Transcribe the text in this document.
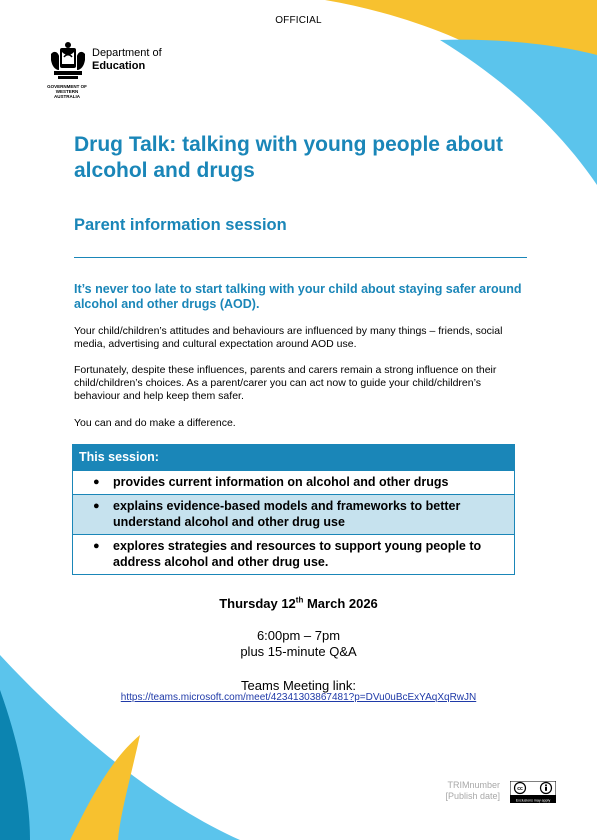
OFFICIAL
Department of
Education
GOVERNMENT OF
WESTERN AUSTRALIA
Drug Talk: talking with young people about alcohol and drugs
Parent information session

It’s never too late to start talking with your child about staying safer around alcohol and other drugs (AOD).

Your child/children’s attitudes and behaviours are influenced by many things – friends, social media, advertising and cultural expectation around AOD use.

Fortunately, despite these influences, parents and carers remain a strong influence on their child/children’s choices. As a parent/carer you can act now to guide your child/children’s behaviour and help keep them safer.

You can and do make a difference.

This session:
●	provides current information on alcohol and other drugs
●	explains evidence-based models and frameworks to better understand alcohol and other drug use
●	explores strategies and resources to support young people to address alcohol and other drug use.
Thursday 12th March 2026
6:00pm – 7pm
plus 15-minute Q&A
Teams Meeting link:
https://teams.microsoft.com/meet/42341303867481?p=DVu0uBcExYAqXqRwJN
TRIMnumber
[Publish date]
cc
Exclusions may apply
